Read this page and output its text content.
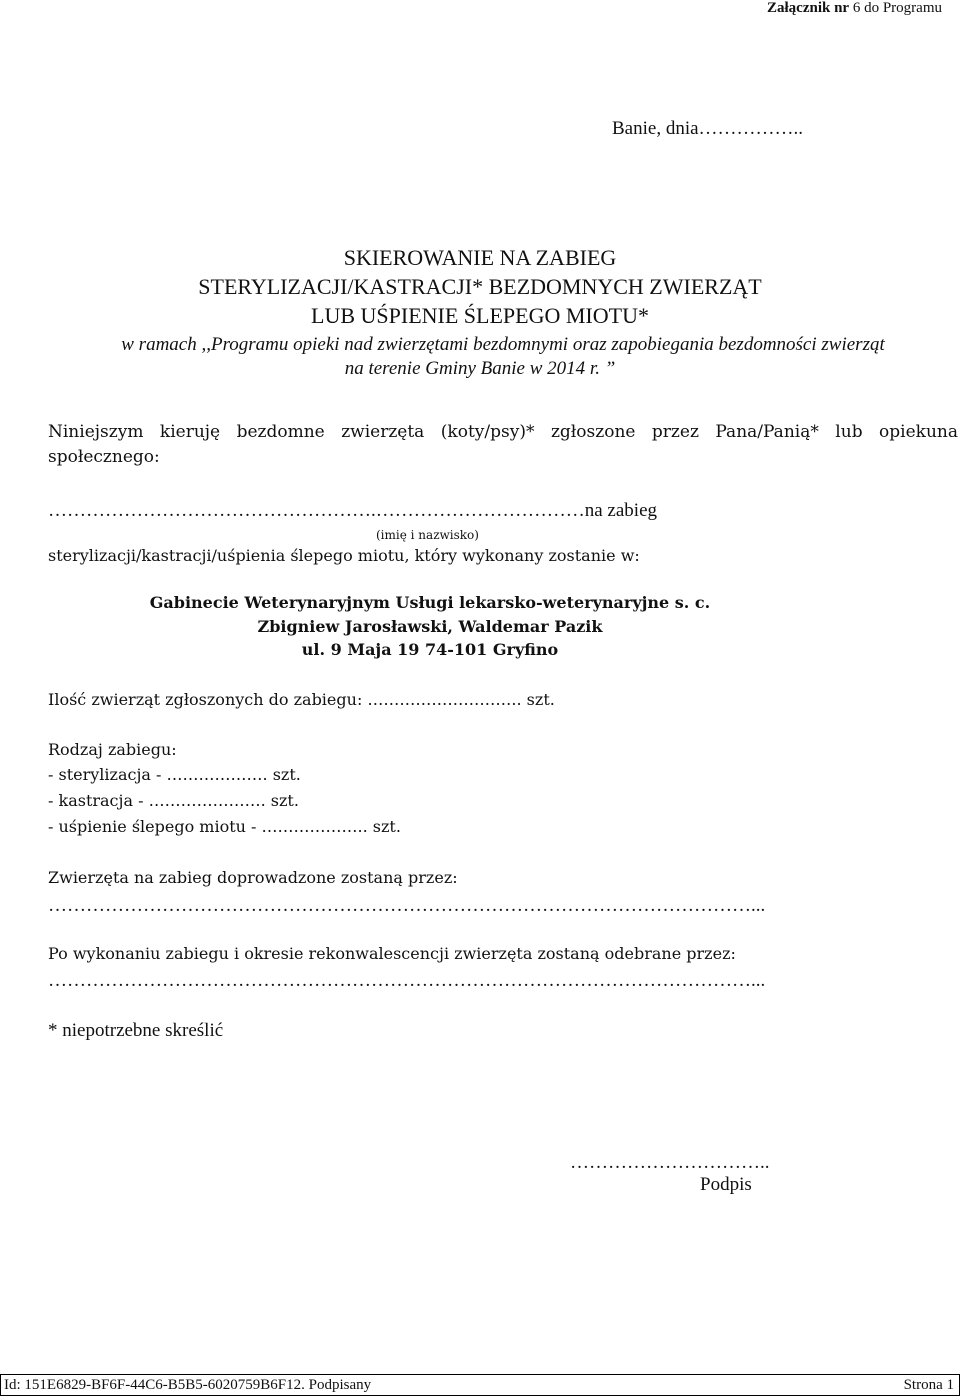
Załącznik nr 6 do Programu
Banie, dnia……………..
SKIEROWANIE NA ZABIEG
STERYLIZACJI/KASTRACJI* BEZDOMNYCH ZWIERZĄT
LUB UŚPIENIE ŚLEPEGO MIOTU*
w ramach ,,Programu opieki nad zwierzętami bezdomnymi oraz zapobiegania bezdomności zwierząt
na terenie Gminy Banie w 2014 r. ”
Niniejszym kieruję bezdomne zwierzęta (koty/psy)* zgłoszone przez Pana/Panią* lub opiekuna
społecznego:
…………………………………………….……………………………na zabieg
(imię i nazwisko)
sterylizacji/kastracji/uśpienia ślepego miotu, który wykonany zostanie w:
Gabinecie Weterynaryjnym Usługi lekarsko-weterynaryjne s. c.
Zbigniew Jarosławski, Waldemar Pazik
ul. 9 Maja 19 74-101 Gryfino
Ilość zwierząt zgłoszonych do zabiegu: ……………………….. szt.
Rodzaj zabiegu:
- sterylizacja - ………………. szt.
- kastracja - …………………. szt.
- uśpienie ślepego miotu - ……………….. szt.
Zwierzęta na zabieg doprowadzone zostaną przez:
…………………………………………………………………………………………………...
Po wykonaniu zabiegu i okresie rekonwalescencji zwierzęta zostaną odebrane przez:
…………………………………………………………………………………………………...
* niepotrzebne skreślić
…………………………..
Podpis
Id: 151E6829-BF6F-44C6-B5B5-6020759B6F12. Podpisany	Strona 1
